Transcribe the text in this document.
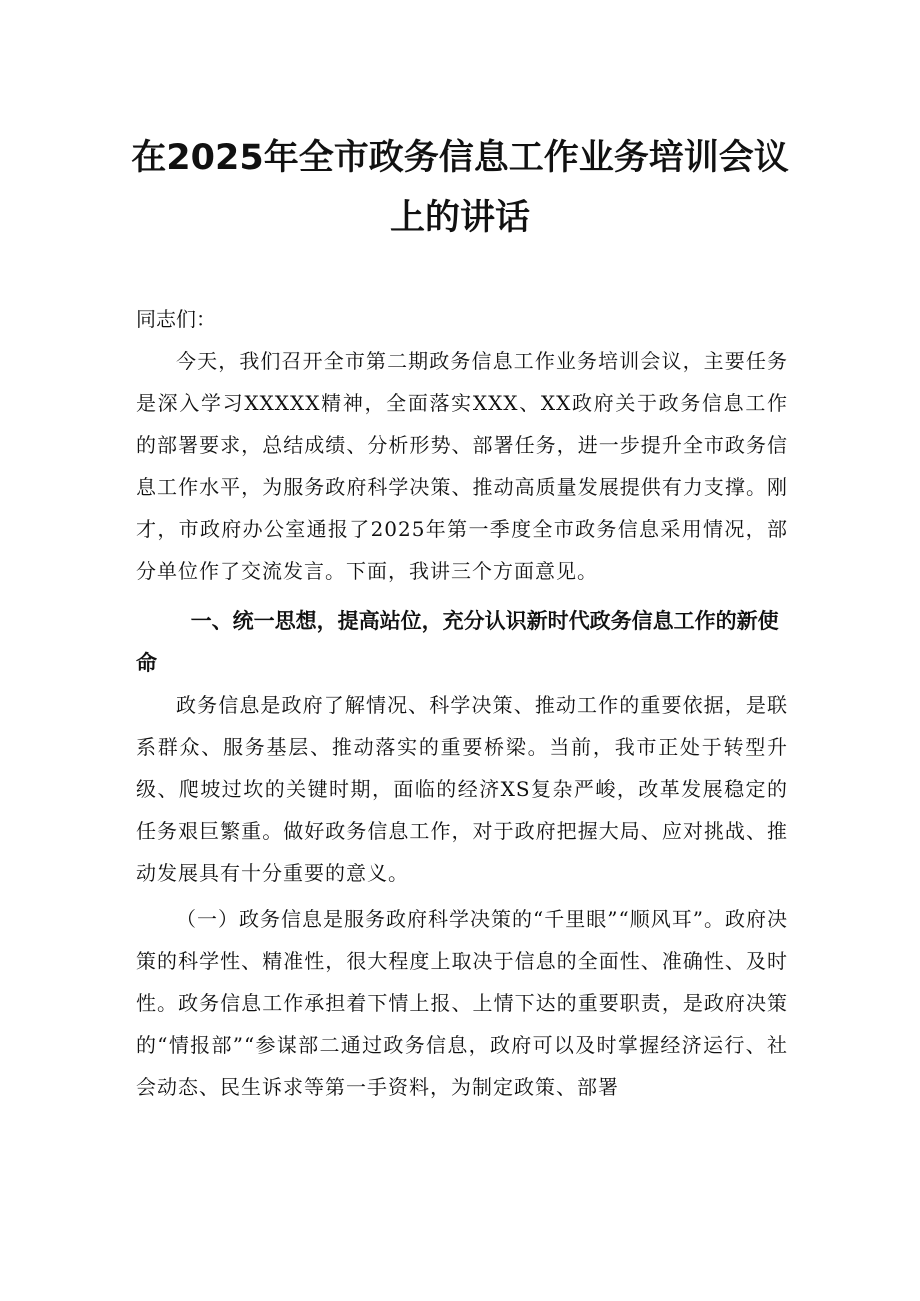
在2025年全市政务信息工作业务培训会议
上的讲话

同志们：

今天，我们召开全市第二期政务信息工作业务培训会议，主要任务是深入学习XXXXX精神，全面落实XXX、XX政府关于政务信息工作的部署要求，总结成绩、分析形势、部署任务，进一步提升全市政务信息工作水平，为服务政府科学决策、推动高质量发展提供有力支撑。刚才，市政府办公室通报了2025年第一季度全市政务信息采用情况，部分单位作了交流发言。下面，我讲三个方面意见。

一、统一思想，提高站位，充分认识新时代政务信息工作的新使命

政务信息是政府了解情况、科学决策、推动工作的重要依据，是联系群众、服务基层、推动落实的重要桥梁。当前，我市正处于转型升级、爬坡过坎的关键时期，面临的经济XS复杂严峻，改革发展稳定的任务艰巨繁重。做好政务信息工作，对于政府把握大局、应对挑战、推动发展具有十分重要的意义。

（一）政务信息是服务政府科学决策的“千里眼”“顺风耳”。政府决策的科学性、精准性，很大程度上取决于信息的全面性、准确性、及时性。政务信息工作承担着下情上报、上情下达的重要职责，是政府决策的“情报部”“参谋部二通过政务信息，政府可以及时掌握经济运行、社会动态、民生诉求等第一手资料，为制定政策、部署
